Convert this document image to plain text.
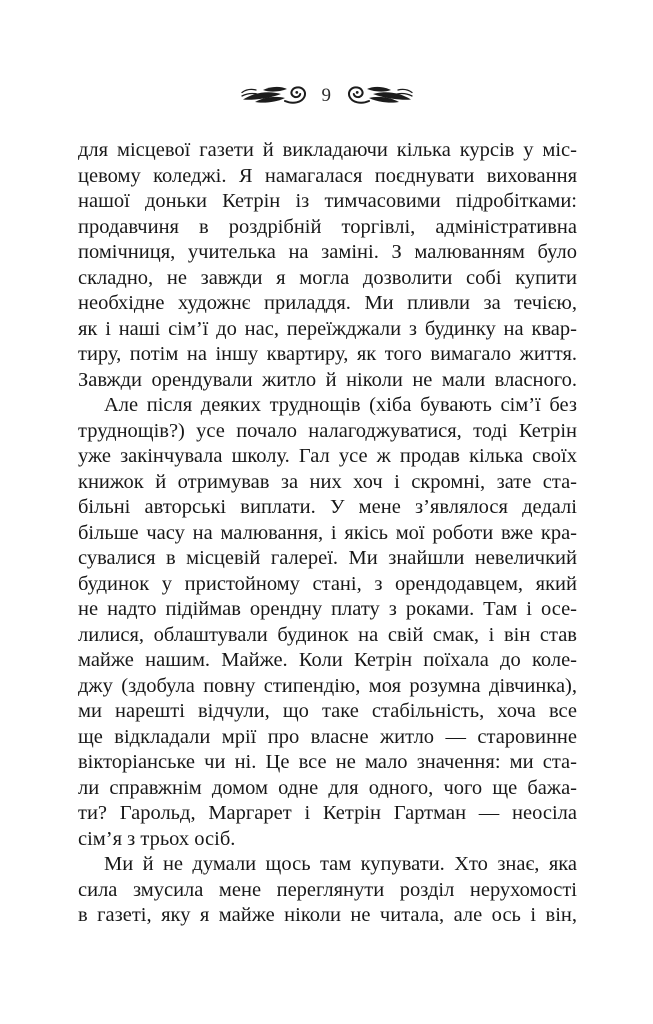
9
для місцевої газети й викладаючи кілька курсів у міс-
цевому коледжі. Я намагалася поєднувати виховання
нашої доньки Кетрін із тимчасовими підробітками:
продавчиня в роздрібній торгівлі, адміністративна
помічниця, учителька на заміні. З малюванням було
складно, не завжди я могла дозволити собі купити
необхідне художнє приладдя. Ми пливли за течією,
як і наші сім’ї до нас, переїжджали з будинку на квар-
тиру, потім на іншу квартиру, як того вимагало життя.
Завжди орендували житло й ніколи не мали власного.
Але після деяких труднощів (хіба бувають сім’ї без
труднощів?) усе почало налагоджуватися, тоді Кетрін
уже закінчувала школу. Гал усе ж продав кілька своїх
книжок й отримував за них хоч і скромні, зате ста-
більні авторські виплати. У мене з’являлося дедалі
більше часу на малювання, і якісь мої роботи вже кра-
сувалися в місцевій галереї. Ми знайшли невеличкий
будинок у пристойному стані, з орендодавцем, який
не надто підіймав орендну плату з роками. Там і осе-
лилися, облаштували будинок на свій смак, і він став
майже нашим. Майже. Коли Кетрін поїхала до коле-
джу (здобула повну стипендію, моя розумна дівчинка),
ми нарешті відчули, що таке стабільність, хоча все
ще відкладали мрії про власне житло — старовинне
вікторіанське чи ні. Це все не мало значення: ми ста-
ли справжнім домом одне для одного, чого ще бажа-
ти? Гарольд, Маргарет і Кетрін Гартман — неосіла
сім’я з трьох осіб.
Ми й не думали щось там купувати. Хто знає, яка
сила змусила мене переглянути розділ нерухомості
в газеті, яку я майже ніколи не читала, але ось і він,
